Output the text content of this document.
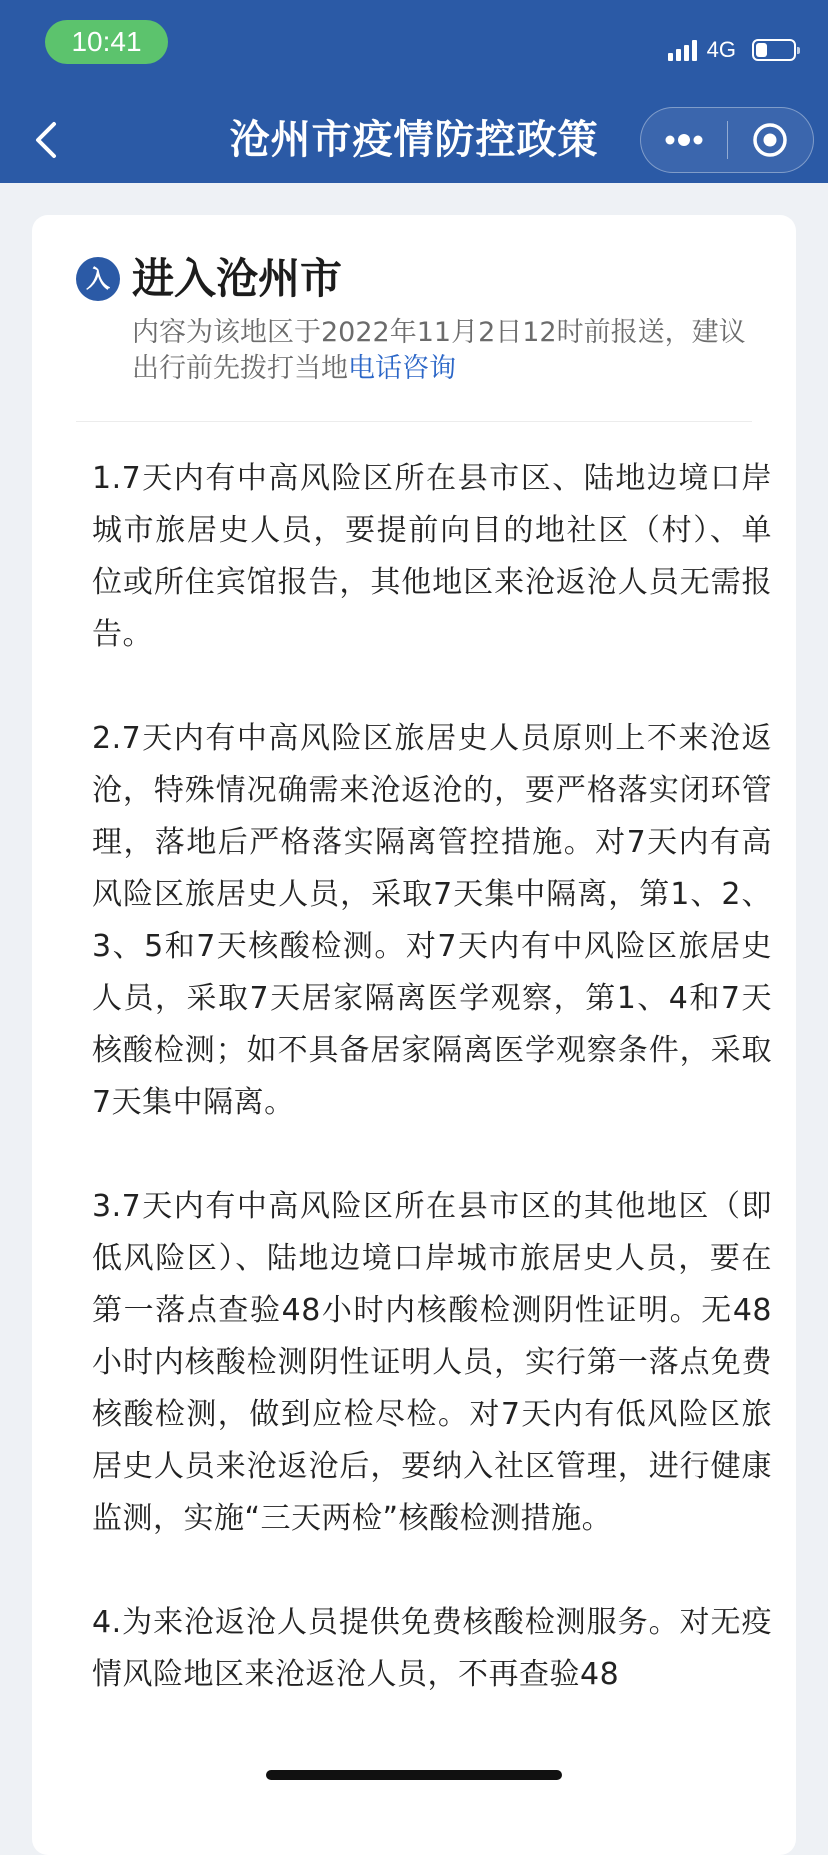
10:41	4G
沧州市疫情防控政策
入 进入沧州市
内容为该地区于2022年11月2日12时前报送，建议出行前先拨打当地电话咨询

1.7天内有中高风险区所在县市区、陆地边境口岸城市旅居史人员，要提前向目的地社区（村）、单位或所住宾馆报告，其他地区来沧返沧人员无需报告。

2.7天内有中高风险区旅居史人员原则上不来沧返沧，特殊情况确需来沧返沧的，要严格落实闭环管理，落地后严格落实隔离管控措施。对7天内有高风险区旅居史人员，采取7天集中隔离，第1、2、3、5和7天核酸检测。对7天内有中风险区旅居史人员，采取7天居家隔离医学观察，第1、4和7天核酸检测；如不具备居家隔离医学观察条件，采取7天集中隔离。

3.7天内有中高风险区所在县市区的其他地区（即低风险区）、陆地边境口岸城市旅居史人员，要在第一落点查验48小时内核酸检测阴性证明。无48小时内核酸检测阴性证明人员，实行第一落点免费核酸检测，做到应检尽检。对7天内有低风险区旅居史人员来沧返沧后，要纳入社区管理，进行健康监测，实施“三天两检”核酸检测措施。

4.为来沧返沧人员提供免费核酸检测服务。对无疫情风险地区来沧返沧人员，不再查验48
